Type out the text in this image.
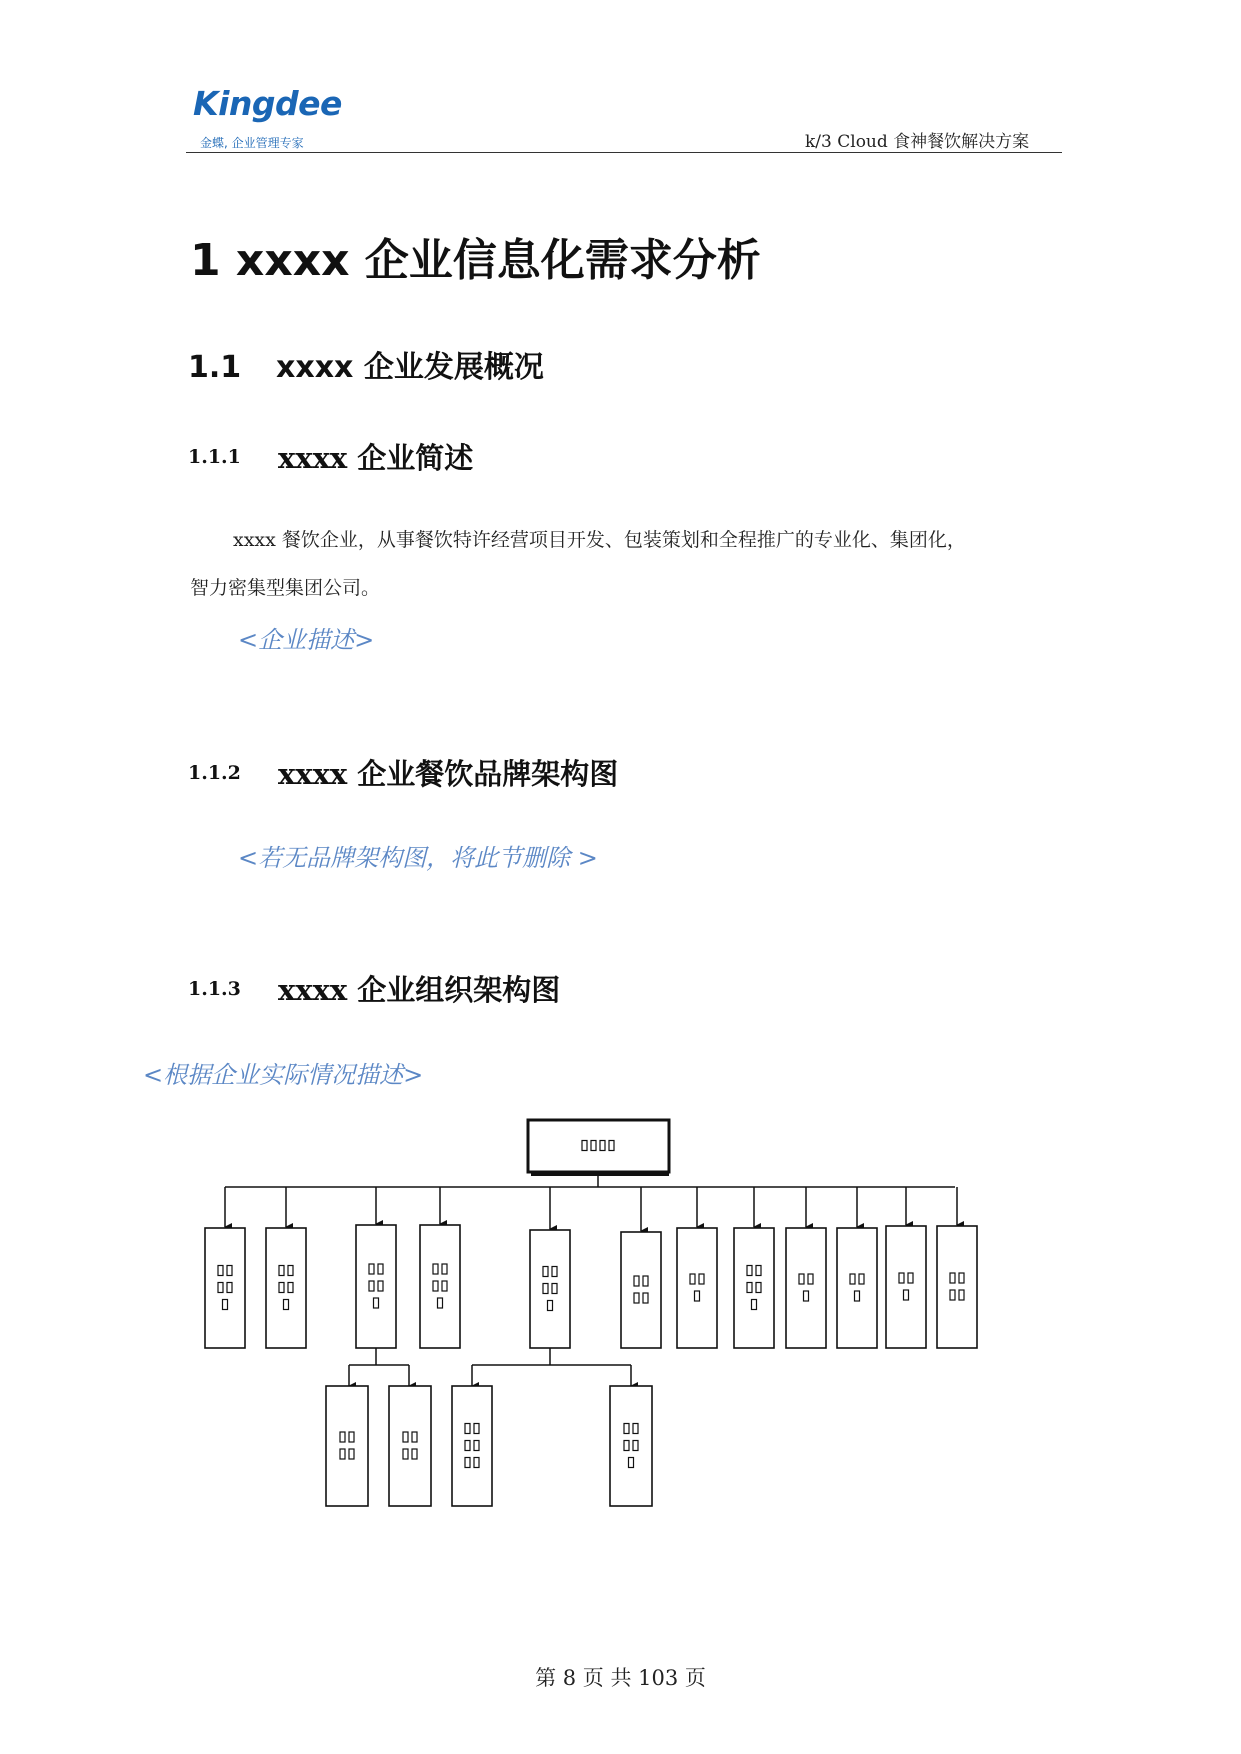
Kingdee
金蝶, 企业管理专家	k/3 Cloud 食神餐饮解决方案
1 xxxx 企业信息化需求分析
1.1 xxxx 企业发展概况
1.1.1 xxxx 企业简述
xxxx 餐饮企业，从事餐饮特许经营项目开发、包装策划和全程推广的专业化、集团化，
智力密集型集团公司。
<企业描述>
1.1.2 xxxx 企业餐饮品牌架构图
<若无品牌架构图，将此节删除 >
1.1.3 xxxx 企业组织架构图
<根据企业实际情况描述>
第 8 页 共 103 页
